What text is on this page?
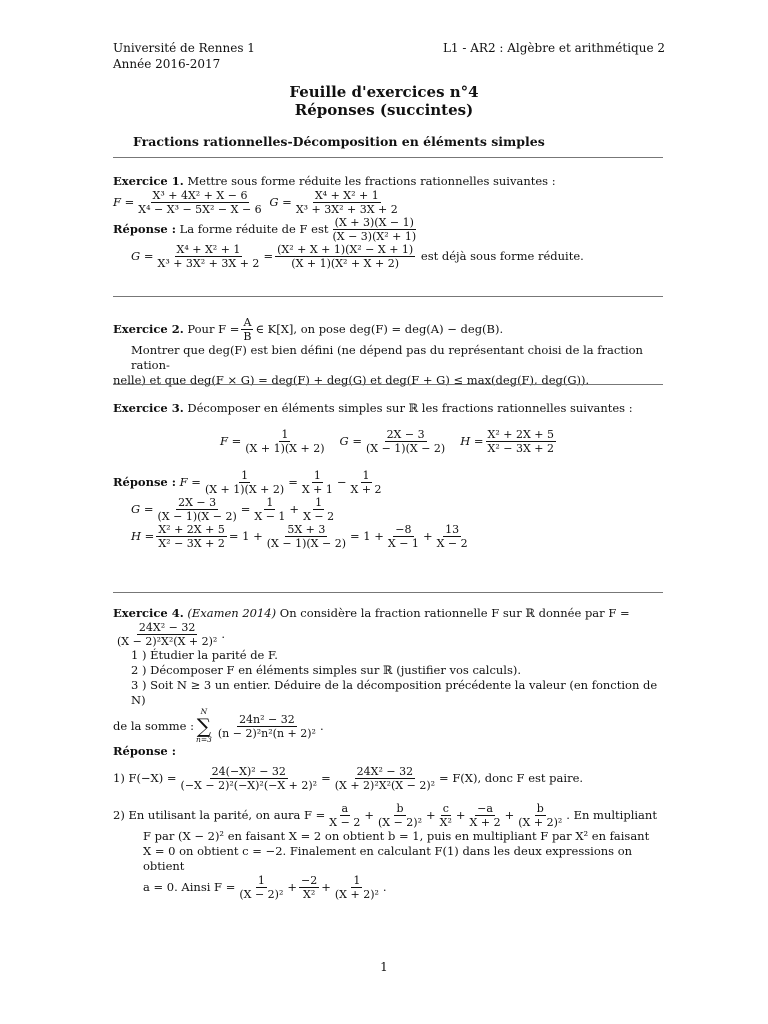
Université de Rennes 1
Année 2016-2017
L1 - AR2 : Algèbre et arithmétique 2
Feuille d'exercices n°4
Réponses (succintes)
Fractions rationnelles-Décomposition en éléments simples
Exercice 1.
Mettre sous forme réduite les fractions rationnelles suivantes :
$F = \frac{\text{X³ + 4X² + X − 6}}{\text{X⁴ − X³ − 5X² − X − 6}}$
$G = \frac{\text{X⁴ + X² + 1}}{\text{X³ + 3X² + 3X + 2}}$
Réponse :
La forme réduite de F est $\frac{(X + 3)(X - 1)}{\text{(X − 3)(X² + 1)}}$
$G = \frac{\text{X⁴ + X² + 1}}{\text{X³ + 3X² + 3X + 2}} = \frac{\text{(X² + X + 1)(X² − X + 1)}}{\text{(X + 1)(X² + X + 2)}}$
est déjà sous forme réduite.
Exercice 2.
Pour $F = \frac{A}{B}$ ∈ K[X], on pose deg(F) = deg(A) − deg(B).
Montrer que deg(F) est bien défini (ne dépend pas du représentant choisi de la fraction ration-
nelle) et que deg(F × G) = deg(F) + deg(G) et deg(F + G) ≤ max(deg(F), deg(G)).
Exercice 3.
Décomposer en éléments simples sur ℝ les fractions rationnelles suivantes :
$F = \frac{1}{(X + 1)(X + 2)}$
$G = \frac{2X - 3}{(X - 1)(X - 2)}$
$H = \frac{\text{X² + 2X + 5}}{\text{X² − 3X + 2}}$
Réponse :
$F = \frac{1}{(X + 1)(X + 2)} = \frac{1}{X + 1} - \frac{1}{X + 2}$
$G = \frac{2X - 3}{(X - 1)(X - 2)} = \frac{1}{X - 1} + \frac{1}{X - 2}$
$H = \frac{\text{X² + 2X + 5}}{\text{X² − 3X + 2}} = 1 + \frac{5X + 3}{(X - 1)(X - 2)} = 1 + \frac{-8}{X - 1} + \frac{13}{X - 2}$
Exercice 4.
(Examen 2014)
On considère la fraction rationnelle F sur ℝ donnée par F =
$\frac{\text{24X² − 32}}{\text{(X − 2)²X²(X + 2)²}}$ .
1 ) Étudier la parité de F.
2 ) Décomposer F en éléments simples sur ℝ (justifier vos calculs).
3 ) Soit N ≥ 3 un entier. Déduire de la décomposition précédente la valeur (en fonction de N)
de la somme :
N
∑
$n=3 \frac{\text{24n² − 32}}{\text{(n − 2)²n²(n + 2)²}}$ .
Réponse :
1) $F(-X) = \frac{\text{24(−X)² − 32}}{\text{(−X − 2)²(−X)²(−X + 2)²}} = \frac{\text{24X² − 32}}{\text{(X + 2)²X²(X − 2)²}} = F(X)$, donc F est paire.
2) En utilisant la parité, on aura $F = \frac{a}{X - 2} + \frac{b}{\text{(X − 2)²}} + \frac{c}{\text{X²}} + \frac{-a}{X + 2} + \frac{b}{\text{(X + 2)²}}$ . En multipliant
F par (X − 2)² en faisant X = 2 on obtient b = 1, puis en multipliant F par X² en faisant
X = 0 on obtient c = −2. Finalement en calculant F(1) dans les deux expressions on obtient
a = 0. Ainsi $F = \frac{1}{\text{(X − 2)²}} + \frac{-2}{\text{X²}} + \frac{1}{\text{(X + 2)²}}$ .
1
